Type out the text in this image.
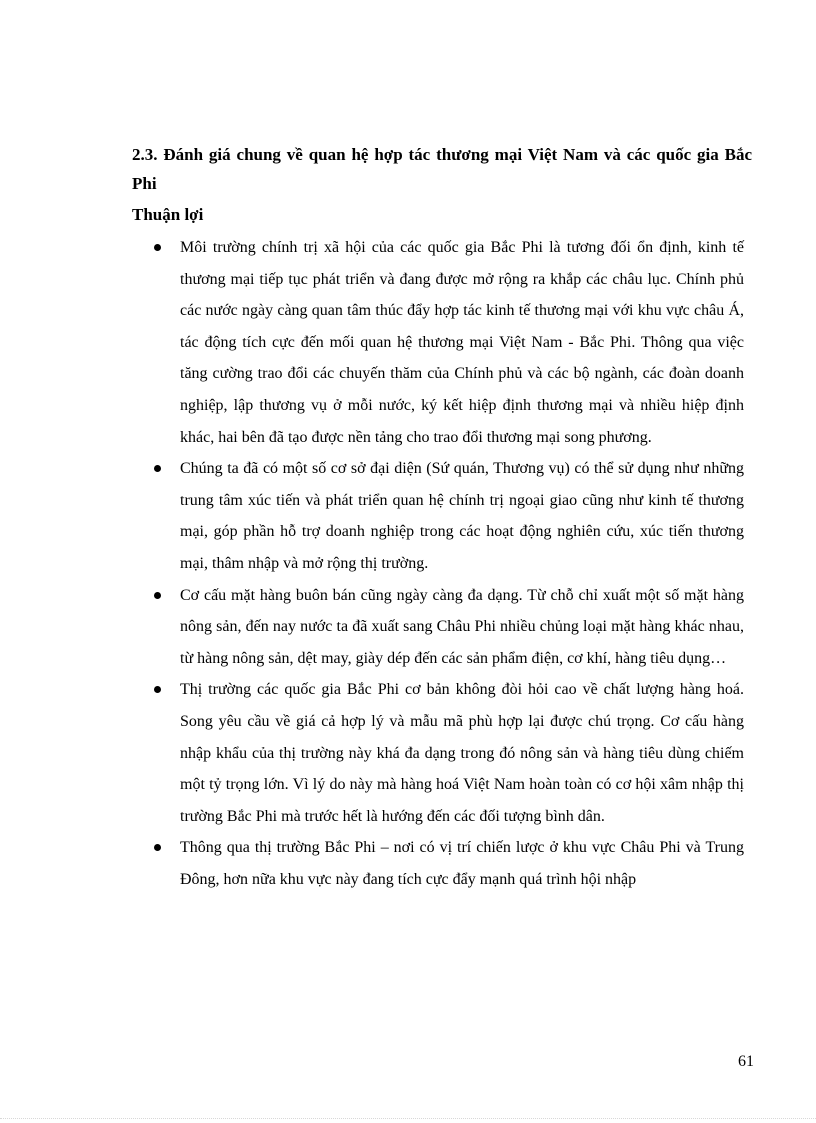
2.3. Đánh giá chung về quan hệ hợp tác thương mại Việt Nam và các quốc gia Bắc Phi

Thuận lợi

Môi trường chính trị xã hội của các quốc gia Bắc Phi là tương đối ổn định, kinh tế thương mại tiếp tục phát triển và đang được mở rộng ra khắp các châu lục. Chính phủ các nước ngày càng quan tâm thúc đẩy hợp tác kinh tế thương mại với khu vực châu Á, tác động tích cực đến mối quan hệ thương mại Việt Nam - Bắc Phi. Thông qua việc tăng cường trao đổi các chuyến thăm của Chính phủ và các bộ ngành, các đoàn doanh nghiệp, lập thương vụ ở mỗi nước, ký kết hiệp định thương mại và nhiều hiệp định khác, hai bên đã tạo được nền tảng cho trao đổi thương mại song phương.
Chúng ta đã có một số cơ sở đại diện (Sứ quán, Thương vụ) có thể sử dụng như những trung tâm xúc tiến và phát triển quan hệ chính trị ngoại giao cũng như kinh tế thương mại, góp phần hỗ trợ doanh nghiệp trong các hoạt động nghiên cứu, xúc tiến thương mại, thâm nhập và mở rộng thị trường.
Cơ cấu mặt hàng buôn bán cũng ngày càng đa dạng. Từ chỗ chỉ xuất một số mặt hàng nông sản, đến nay nước ta đã xuất sang Châu Phi nhiều chủng loại mặt hàng khác nhau, từ hàng nông sản, dệt may, giày dép đến các sản phẩm điện, cơ khí, hàng tiêu dụng…
Thị trường các quốc gia Bắc Phi cơ bản không đòi hỏi cao về chất lượng hàng hoá. Song yêu cầu về giá cả hợp lý và mẫu mã phù hợp lại được chú trọng. Cơ cấu hàng nhập khẩu của thị trường này khá đa dạng trong đó nông sản và hàng tiêu dùng chiếm một tỷ trọng lớn. Vì lý do này mà hàng hoá Việt Nam hoàn toàn có cơ hội xâm nhập thị trường Bắc Phi mà trước hết là hướng đến các đối tượng bình dân.
Thông qua thị trường Bắc Phi – nơi có vị trí chiến lược ở khu vực Châu Phi và Trung Đông, hơn nữa khu vực này đang tích cực đẩy mạnh quá trình hội nhập

61
